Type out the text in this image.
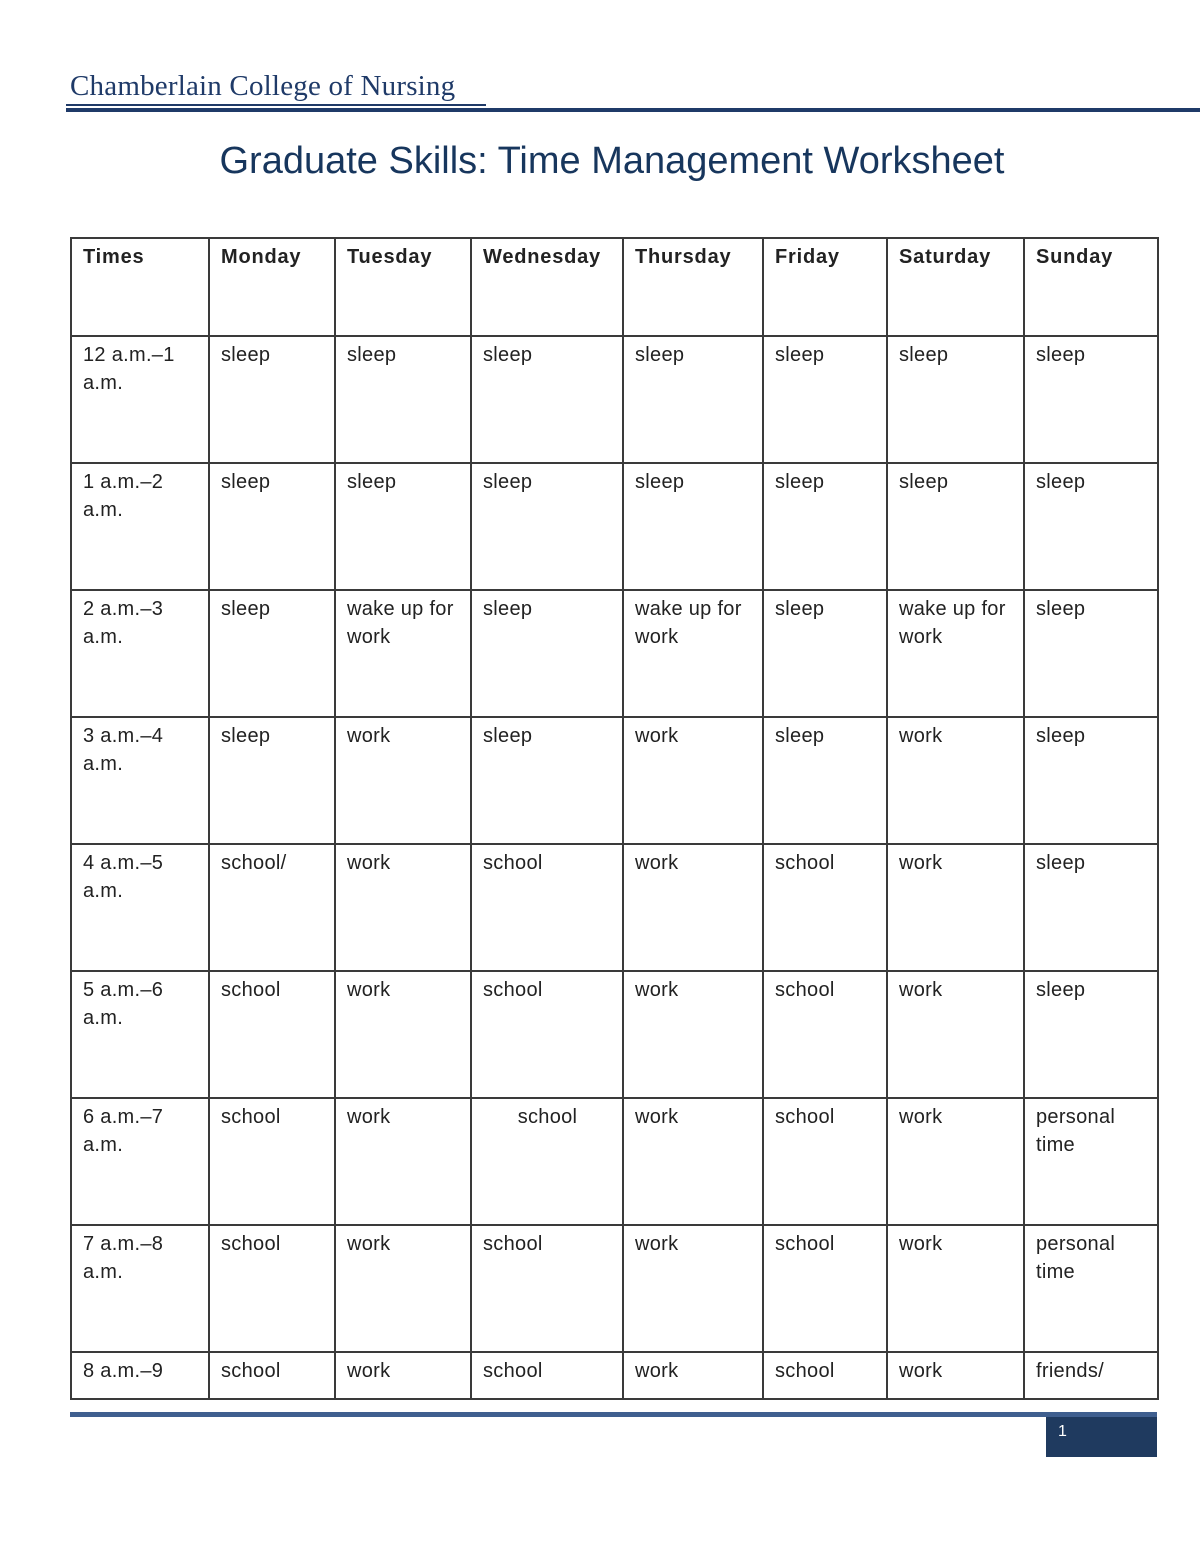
Chamberlain College of Nursing
Graduate Skills: Time Management Worksheet
Times	Monday	Tuesday	Wednesday	Thursday	Friday	Saturday	Sunday
12 a.m.–1 a.m.	sleep	sleep	sleep	sleep	sleep	sleep	sleep
1 a.m.–2 a.m.	sleep	sleep	sleep	sleep	sleep	sleep	sleep
2 a.m.–3 a.m.	sleep	wake up for work	sleep	wake up for work	sleep	wake up for work	sleep
3 a.m.–4 a.m.	sleep	work	sleep	work	sleep	work	sleep
4 a.m.–5 a.m.	school/	work	school	work	school	work	sleep
5 a.m.–6 a.m.	school	work	school	work	school	work	sleep
6 a.m.–7 a.m.	school	work	school	work	school	work	personal time
7 a.m.–8 a.m.	school	work	school	work	school	work	personal time
8 a.m.–9	school	work	school	work	school	work	friends/
1
